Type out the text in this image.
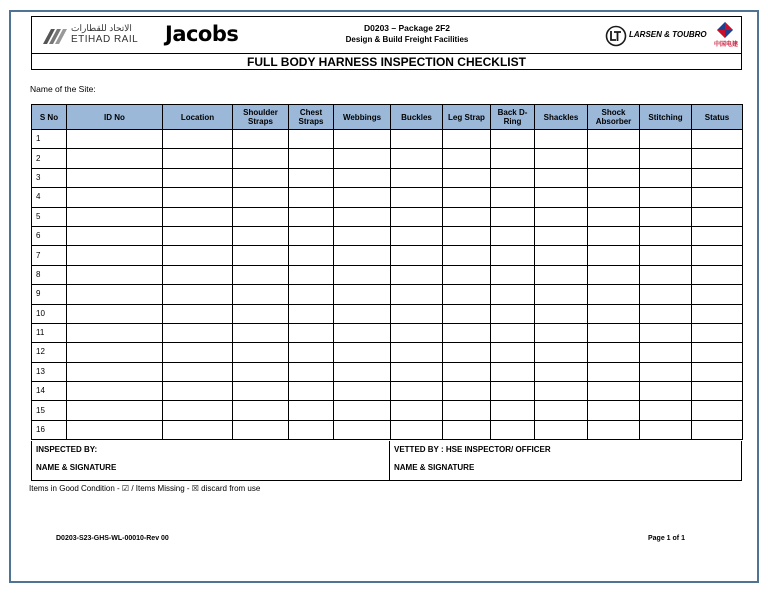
الاتحاد للقطارات
ETIHAD RAIL Jacobs	D0203 – Package 2F2
Design & Build Freight Facilities
LARSEN & TOUBRO
中国电建
FULL BODY HARNESS INSPECTION CHECKLIST
Name of the Site:
S No	ID No	Location	Shoulder Straps	Chest Straps	Webbings	Buckles	Leg Strap	Back D-Ring	Shackles	Shock Absorber	Stitching	Status
1												
2												
3												
4												
5												
6												
7												
8												
9												
10												
11												
12												
13												
14												
15												
16												
INSPECTED BY:
NAME & SIGNATURE
VETTED BY : HSE INSPECTOR/ OFFICER
NAME & SIGNATURE
Items in Good Condition - ☑ / Items Missing - ☒ discard from use
D0203-S23-GHS-WL-00010-Rev 00	Page 1 of 1
